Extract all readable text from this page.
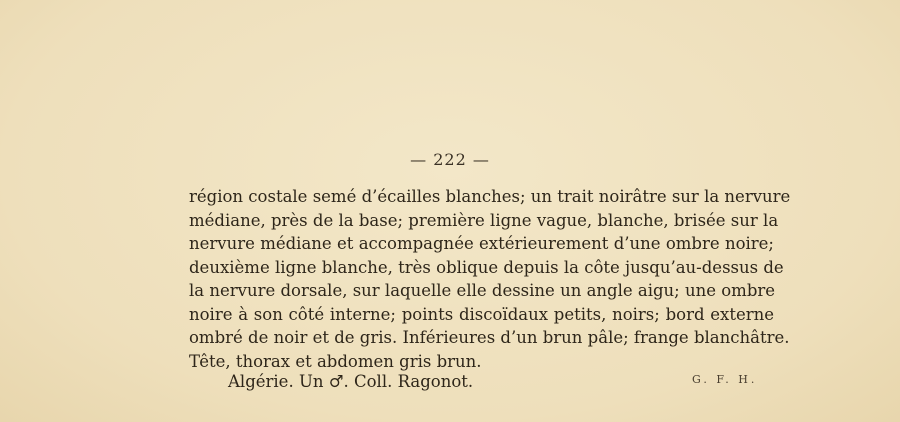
— 222 —
région costale semé d’écailles blanches; un trait noirâtre sur la nervure
médiane, près de la base; première ligne vague, blanche, brisée sur la
nervure médiane et accompagnée extérieurement d’une ombre noire;
deuxième ligne blanche, très oblique depuis la côte jusqu’au-dessus de
la nervure dorsale, sur laquelle elle dessine un angle aigu; une ombre
noire à son côté interne; points discoïdaux petits, noirs; bord externe
ombré de noir et de gris. Inférieures d’un brun pâle; frange blanchâtre.
Tête, thorax et abdomen gris brun.
Algérie. Un ♂. Coll. Ragonot.	G. F. H.
